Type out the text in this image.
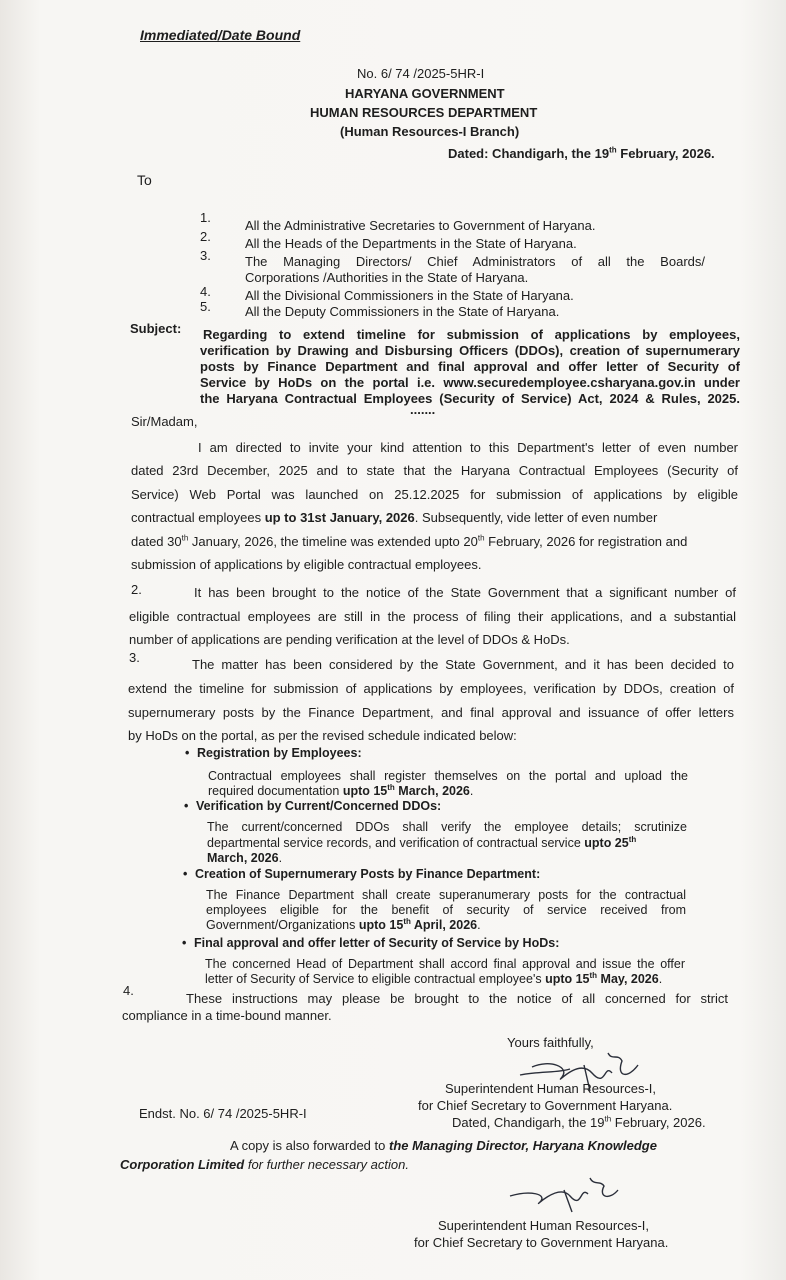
Immediated/Date Bound
No. 6/ 74 /2025-5HR-I
HARYANA GOVERNMENT
HUMAN RESOURCES DEPARTMENT
(Human Resources-I Branch)
Dated: Chandigarh, the 19th February, 2026.
To
1.
All the Administrative Secretaries to Government of Haryana.
2.	All the Heads of the Departments in the State of Haryana.
3.	The Managing Directors/ Chief Administrators of all the Boards/
Corporations /Authorities in the State of Haryana.
4.	All the Divisional Commissioners in the State of Haryana.
5.	All the Deputy Commissioners in the State of Haryana.
Subject: Regarding to extend timeline for submission of applications by employees,
verification by Drawing and Disbursing Officers (DDOs), creation of supernumerary
posts by Finance Department and final approval and offer letter of Security of
Service by HoDs on the portal i.e. www.securedemployee.csharyana.gov.in under
the Haryana Contractual Employees (Security of Service) Act, 2024 & Rules, 2025.
.......
Sir/Madam,
I am directed to invite your kind attention to this Department's letter of even number
dated 23rd December, 2025 and to state that the Haryana Contractual Employees (Security of
Service) Web Portal was launched on 25.12.2025 for submission of applications by eligible
contractual employees up to 31st January, 2026. Subsequently, vide letter of even number
dated 30th January, 2026, the timeline was extended upto 20th February, 2026 for registration and
submission of applications by eligible contractual employees.
2.	It has been brought to the notice of the State Government that a significant number of
eligible contractual employees are still in the process of filing their applications, and a substantial
number of applications are pending verification at the level of DDOs & HoDs.
3.	The matter has been considered by the State Government, and it has been decided to
extend the timeline for submission of applications by employees, verification by DDOs, creation of
supernumerary posts by the Finance Department, and final approval and issuance of offer letters
by HoDs on the portal, as per the revised schedule indicated below:
• Registration by Employees:
Contractual employees shall register themselves on the portal and upload the
required documentation upto 15th March, 2026.
• Verification by Current/Concerned DDOs:
The current/concerned DDOs shall verify the employee details; scrutinize
departmental service records, and verification of contractual service upto 25th
March, 2026.
• Creation of Supernumerary Posts by Finance Department:
The Finance Department shall create superanumerary posts for the contractual
employees eligible for the benefit of security of service received from
Government/Organizations upto 15th April, 2026.
• Final approval and offer letter of Security of Service by HoDs:
The concerned Head of Department shall accord final approval and issue the offer
letter of Security of Service to eligible contractual employee's upto 15th May, 2026.
4.
These instructions may please be brought to the notice of all concerned for strict
compliance in a time-bound manner.
Yours faithfully,
Superintendent Human Resources-I,
for Chief Secretary to Government Haryana.
Endst. No. 6/ 74 /2025-5HR-I
Dated, Chandigarh, the 19th February, 2026.
A copy is also forwarded to the Managing Director, Haryana Knowledge
Corporation Limited for further necessary action.
Superintendent Human Resources-I,
for Chief Secretary to Government Haryana.
